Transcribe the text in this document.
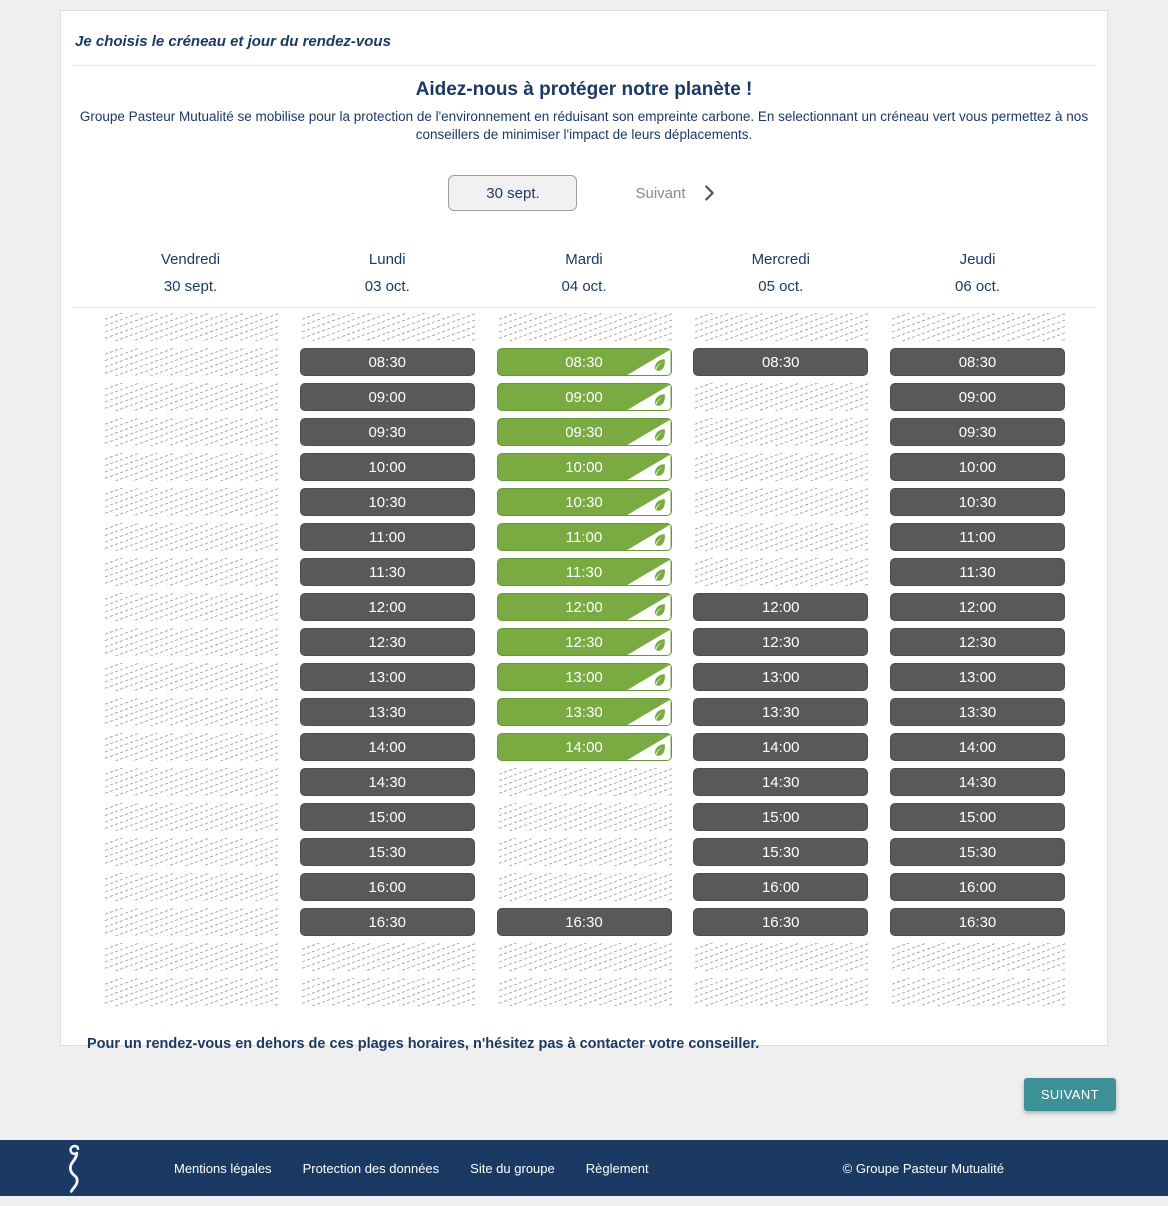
Je choisis le créneau et jour du rendez-vous
Aidez-nous à protéger notre planète !

Groupe Pasteur Mutualité se mobilise pour la protection de l'environnement en réduisant son empreinte carbone. En selectionnant un créneau vert vous permettez à nos conseillers de minimiser l'impact de leurs déplacements.

30 sept.	Suivant
Vendredi
30 sept.
Lundi
03 oct.
Mardi
04 oct.
Mercredi
05 oct.
Jeudi
06 oct.
08:30
09:00
09:30
10:00
10:30
11:00
11:30
12:00
12:30
13:00
13:30
14:00
14:30
15:00
15:30
16:00
16:30
08:30
09:00
09:30
10:00
10:30
11:00
11:30
12:00
12:30
13:00
13:30
14:00
16:30
08:30
12:00
12:30
13:00
13:30
14:00
14:30
15:00
15:30
16:00
16:30
08:30
09:00
09:30
10:00
10:30
11:00
11:30
12:00
12:30
13:00
13:30
14:00
14:30
15:00
15:30
16:00
16:30

Pour un rendez-vous en dehors de ces plages horaires, n'hésitez pas à contacter votre conseiller.

SUIVANT
Mentions légales Protection des données Site du groupe Règlement	© Groupe Pasteur Mutualité
